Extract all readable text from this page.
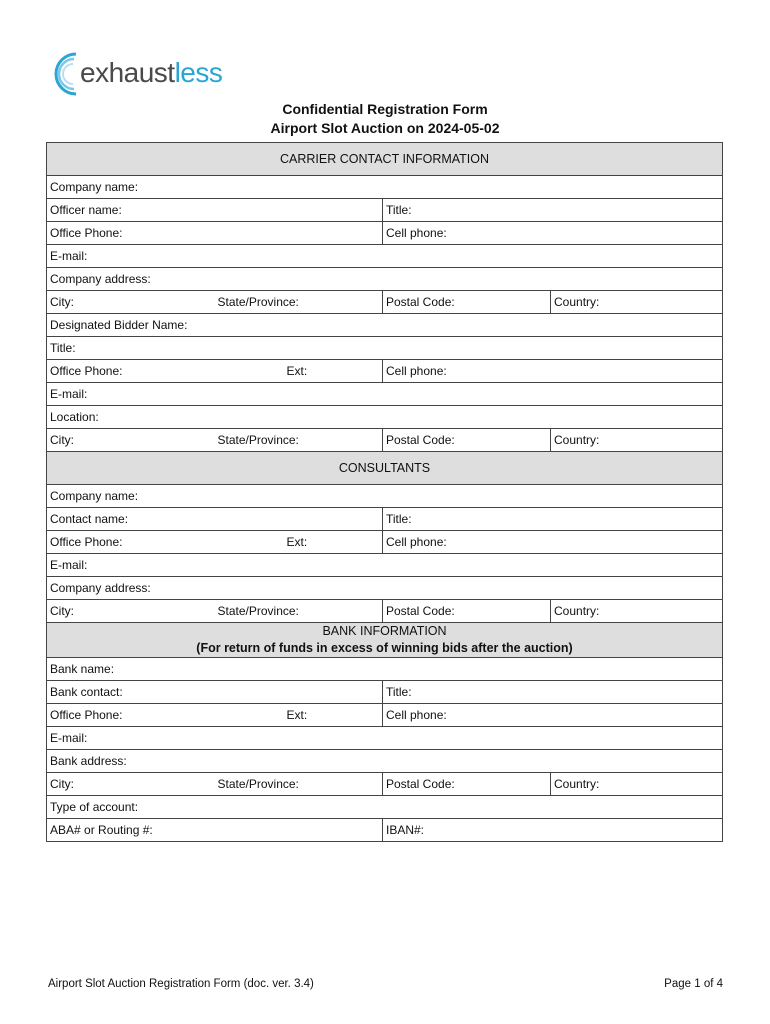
exhaustless
Confidential Registration Form
Airport Slot Auction on 2024-05-02
CARRIER CONTACT INFORMATION			
Company name:			
Officer name:		Title:	
Office Phone:		Cell phone:	
E-mail:			
Company address:			
City:	State/Province:	Postal Code:	Country:
Designated Bidder Name:			
Title:			
Office Phone:	Ext:	Cell phone:	
E-mail:			
Location:			
City:	State/Province:	Postal Code:	Country:
CONSULTANTS			
Company name:			
Contact name:		Title:	
Office Phone:	Ext:	Cell phone:	
E-mail:			
Company address:			
City:	State/Province:	Postal Code:	Country:

BANK INFORMATION
(For return of funds in excess of winning bids after the auction)			

Bank name:			
Bank contact:		Title:	
Office Phone:	Ext:	Cell phone:	
E-mail:			
Bank address:			
City:	State/Province:	Postal Code:	Country:
Type of account:			
ABA# or Routing #:		IBAN#:	
Airport Slot Auction Registration Form (doc. ver. 3.4)	Page 1 of 4
